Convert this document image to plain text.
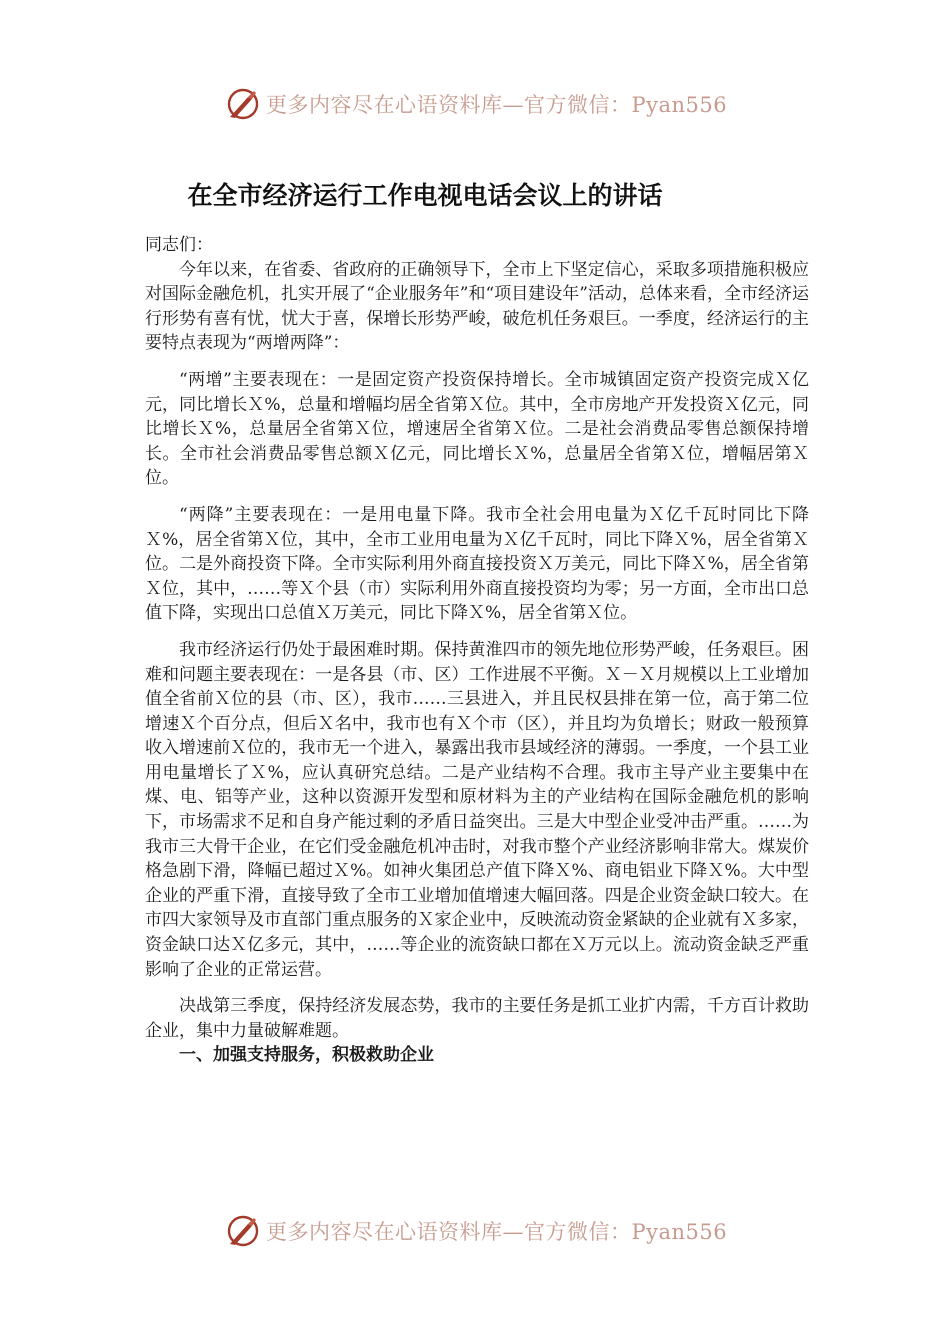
更多内容尽在心语资料库—官方微信：Pyan556
在全市经济运行工作电视电话会议上的讲话

同志们：

今年以来，在省委、省政府的正确领导下，全市上下坚定信心，采取多项措施积极应对国际金融危机，扎实开展了“企业服务年”和“项目建设年”活动，总体来看，全市经济运行形势有喜有忧，忧大于喜，保增长形势严峻，破危机任务艰巨。一季度，经济运行的主要特点表现为“两增两降”：

“两增”主要表现在：一是固定资产投资保持增长。全市城镇固定资产投资完成Ｘ亿元，同比增长Ｘ%，总量和增幅均居全省第Ｘ位。其中，全市房地产开发投资Ｘ亿元，同比增长Ｘ%，总量居全省第Ｘ位，增速居全省第Ｘ位。二是社会消费品零售总额保持增长。全市社会消费品零售总额Ｘ亿元，同比增长Ｘ%，总量居全省第Ｘ位，增幅居第Ｘ位。

“两降”主要表现在：一是用电量下降。我市全社会用电量为Ｘ亿千瓦时同比下降Ｘ%，居全省第Ｘ位，其中，全市工业用电量为Ｘ亿千瓦时，同比下降Ｘ%，居全省第Ｘ位。二是外商投资下降。全市实际利用外商直接投资Ｘ万美元，同比下降Ｘ%，居全省第Ｘ位，其中，……等Ｘ个县（市）实际利用外商直接投资均为零；另一方面，全市出口总值下降，实现出口总值Ｘ万美元，同比下降Ｘ%，居全省第Ｘ位。

我市经济运行仍处于最困难时期。保持黄淮四市的领先地位形势严峻，任务艰巨。困难和问题主要表现在：一是各县（市、区）工作进展不平衡。Ｘ－Ｘ月规模以上工业增加值全省前Ｘ位的县（市、区），我市……三县进入，并且民权县排在第一位，高于第二位增速Ｘ个百分点，但后Ｘ名中，我市也有Ｘ个市（区），并且均为负增长；财政一般预算收入增速前Ｘ位的，我市无一个进入，暴露出我市县域经济的薄弱。一季度，一个县工业用电量增长了Ｘ%，应认真研究总结。二是产业结构不合理。我市主导产业主要集中在煤、电、铝等产业，这种以资源开发型和原材料为主的产业结构在国际金融危机的影响下，市场需求不足和自身产能过剩的矛盾日益突出。三是大中型企业受冲击严重。……为我市三大骨干企业，在它们受金融危机冲击时，对我市整个产业经济影响非常大。煤炭价格急剧下滑，降幅已超过Ｘ%。如神火集团总产值下降Ｘ%、商电铝业下降Ｘ%。大中型企业的严重下滑，直接导致了全市工业增加值增速大幅回落。四是企业资金缺口较大。在市四大家领导及市直部门重点服务的Ｘ家企业中，反映流动资金紧缺的企业就有Ｘ多家，资金缺口达Ｘ亿多元，其中，……等企业的流资缺口都在Ｘ万元以上。流动资金缺乏严重影响了企业的正常运营。

决战第三季度，保持经济发展态势，我市的主要任务是抓工业扩内需，千方百计救助企业，集中力量破解难题。

一、加强支持服务，积极救助企业

更多内容尽在心语资料库—官方微信：Pyan556
